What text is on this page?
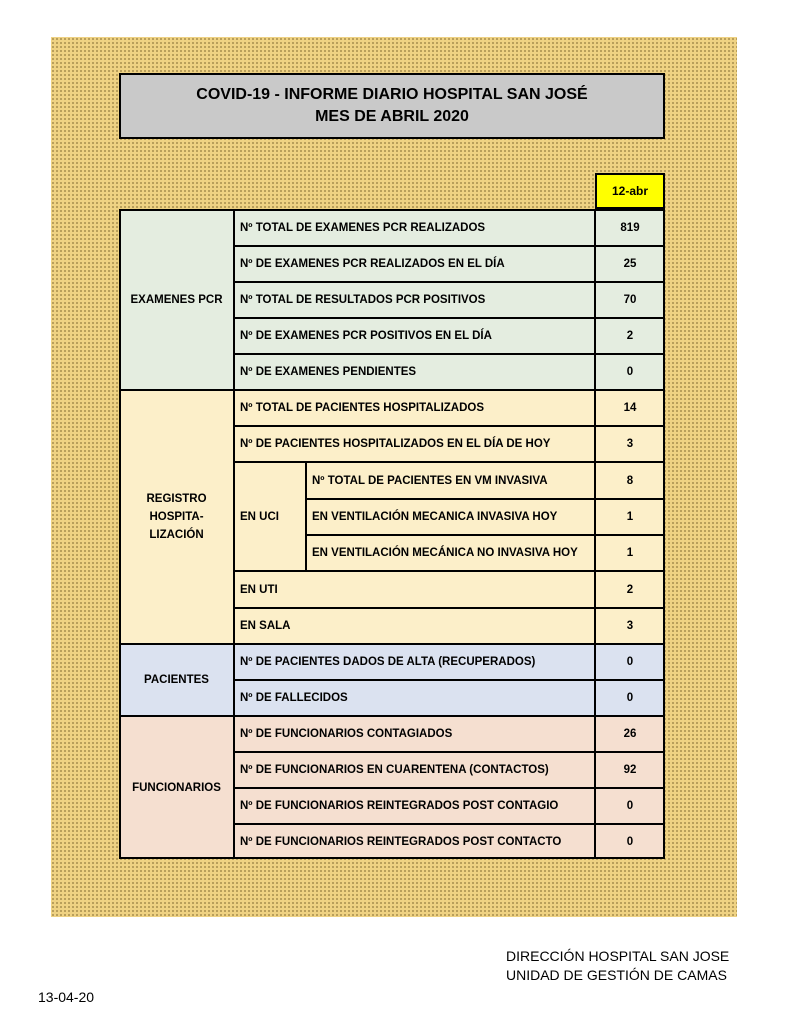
COVID-19 - INFORME DIARIO HOSPITAL SAN JOSÉ
MES DE ABRIL 2020
12-abr
EXAMENES PCR
REGISTRO
HOSPITA-
LIZACIÓN
PACIENTES
FUNCIONARIOS
EN UCI
Nº TOTAL DE EXAMENES PCR REALIZADOS
Nº DE EXAMENES PCR REALIZADOS EN EL DÍA
Nº TOTAL DE RESULTADOS PCR POSITIVOS
Nº DE EXAMENES PCR POSITIVOS EN EL DÍA
Nº DE EXAMENES PENDIENTES
Nº TOTAL DE PACIENTES HOSPITALIZADOS
Nº DE PACIENTES HOSPITALIZADOS EN EL DÍA DE HOY
Nº TOTAL DE PACIENTES EN VM INVASIVA
EN VENTILACIÓN MECANICA INVASIVA HOY
EN VENTILACIÓN MECÁNICA NO INVASIVA HOY
EN UTI
EN SALA
Nº DE PACIENTES DADOS DE ALTA (RECUPERADOS)
Nº DE FALLECIDOS
Nº DE FUNCIONARIOS CONTAGIADOS
Nº DE FUNCIONARIOS EN CUARENTENA (CONTACTOS)
Nº DE FUNCIONARIOS REINTEGRADOS POST CONTAGIO
Nº DE FUNCIONARIOS REINTEGRADOS POST CONTACTO
819
25
70
2
0
14
3
8
1
1
2
3
0
0
26
92
0
0
DIRECCIÓN HOSPITAL SAN JOSE
UNIDAD DE GESTIÓN DE CAMAS
13-04-20
